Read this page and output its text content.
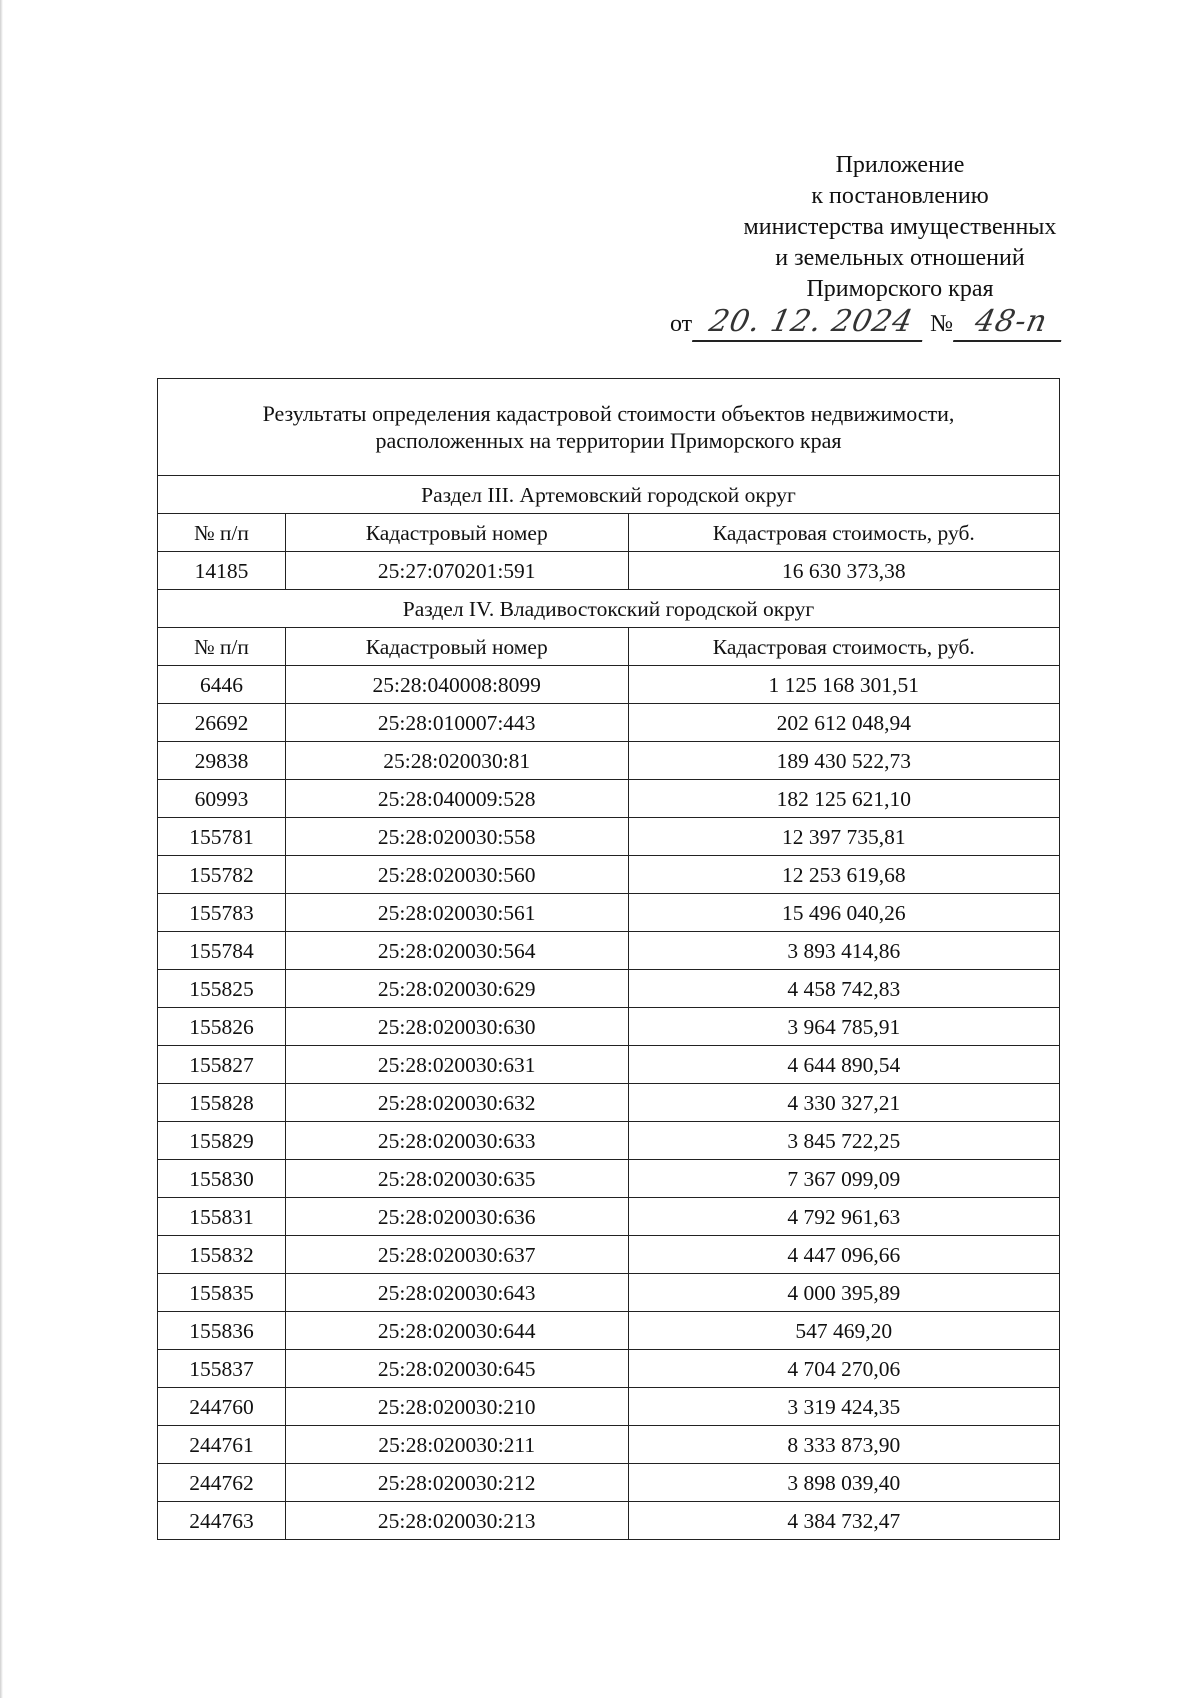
Приложение
к постановлению
министерства имущественных
и земельных отношений
Приморского края
от 20. 12. 2024 № 48-п
Результаты определения кадастровой стоимости объектов недвижимости,
расположенных на территории Приморского края		
Раздел III. Артемовский городской округ		
№ п/п	Кадастровый номер	Кадастровая стоимость, руб.
14185	25:27:070201:591	16 630 373,38
Раздел IV. Владивостокский городской округ		
№ п/п	Кадастровый номер	Кадастровая стоимость, руб.
6446	25:28:040008:8099	1 125 168 301,51
26692	25:28:010007:443	202 612 048,94
29838	25:28:020030:81	189 430 522,73
60993	25:28:040009:528	182 125 621,10
155781	25:28:020030:558	12 397 735,81
155782	25:28:020030:560	12 253 619,68
155783	25:28:020030:561	15 496 040,26
155784	25:28:020030:564	3 893 414,86
155825	25:28:020030:629	4 458 742,83
155826	25:28:020030:630	3 964 785,91
155827	25:28:020030:631	4 644 890,54
155828	25:28:020030:632	4 330 327,21
155829	25:28:020030:633	3 845 722,25
155830	25:28:020030:635	7 367 099,09
155831	25:28:020030:636	4 792 961,63
155832	25:28:020030:637	4 447 096,66
155835	25:28:020030:643	4 000 395,89
155836	25:28:020030:644	547 469,20
155837	25:28:020030:645	4 704 270,06
244760	25:28:020030:210	3 319 424,35
244761	25:28:020030:211	8 333 873,90
244762	25:28:020030:212	3 898 039,40
244763	25:28:020030:213	4 384 732,47
